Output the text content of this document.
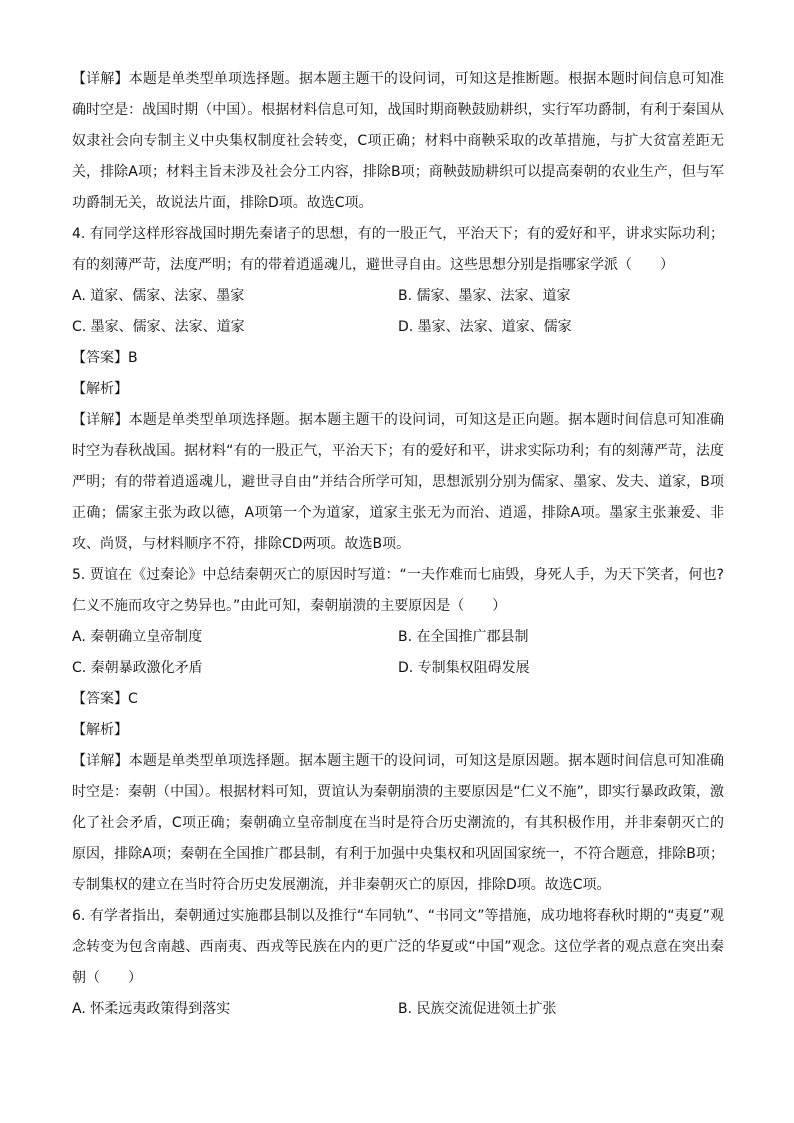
【详解】本题是单类型单项选择题。据本题主题干的设问词，可知这是推断题。根据本题时间信息可知准确时空是：战国时期（中国）。根据材料信息可知，战国时期商鞅鼓励耕织，实行军功爵制，有利于秦国从奴隶社会向专制主义中央集权制度社会转变，C项正确；材料中商鞅采取的改革措施，与扩大贫富差距无关，排除A项；材料主旨未涉及社会分工内容，排除B项；商鞅鼓励耕织可以提高秦朝的农业生产，但与军功爵制无关，故说法片面，排除D项。故选C项。

4. 有同学这样形容战国时期先秦诸子的思想，有的一股正气，平治天下；有的爱好和平，讲求实际功利；有的刻薄严苛，法度严明；有的带着逍遥魂儿，避世寻自由。这些思想分别是指哪家学派（　　）

A. 道家、儒家、法家、墨家	B. 儒家、墨家、法家、道家
C. 墨家、儒家、法家、道家	D. 墨家、法家、道家、儒家

【答案】B

【解析】

【详解】本题是单类型单项选择题。据本题主题干的设问词，可知这是正向题。据本题时间信息可知准确时空为春秋战国。据材料“有的一股正气，平治天下；有的爱好和平，讲求实际功利；有的刻薄严苛，法度严明；有的带着逍遥魂儿，避世寻自由”并结合所学可知，思想派别分别为儒家、墨家、发夫、道家，B项正确；儒家主张为政以德，A项第一个为道家，道家主张无为而治、逍遥，排除A项。墨家主张兼爱、非攻、尚贤，与材料顺序不符，排除CD两项。故选B项。

5. 贾谊在《过秦论》中总结秦朝灭亡的原因时写道：“一夫作难而七庙毁，身死人手，为天下笑者，何也?仁义不施而攻守之势异也。”由此可知，秦朝崩溃的主要原因是（　　）

A. 秦朝确立皇帝制度	B. 在全国推广郡县制
C. 秦朝暴政激化矛盾	D. 专制集权阻碍发展

【答案】C

【解析】

【详解】本题是单类型单项选择题。据本题主题干的设问词，可知这是原因题。据本题时间信息可知准确时空是：秦朝（中国）。根据材料可知，贾谊认为秦朝崩溃的主要原因是“仁义不施”，即实行暴政政策，激化了社会矛盾，C项正确；秦朝确立皇帝制度在当时是符合历史潮流的，有其积极作用，并非秦朝灭亡的原因，排除A项；秦朝在全国推广郡县制，有利于加强中央集权和巩固国家统一，不符合题意，排除B项；专制集权的建立在当时符合历史发展潮流，并非秦朝灭亡的原因，排除D项。故选C项。

6. 有学者指出，秦朝通过实施郡县制以及推行“车同轨”、“书同文”等措施，成功地将春秋时期的“夷夏”观念转变为包含南越、西南夷、西戎等民族在内的更广泛的华夏或“中国”观念。这位学者的观点意在突出秦朝（　　）

A. 怀柔远夷政策得到落实	B. 民族交流促进领土扩张
